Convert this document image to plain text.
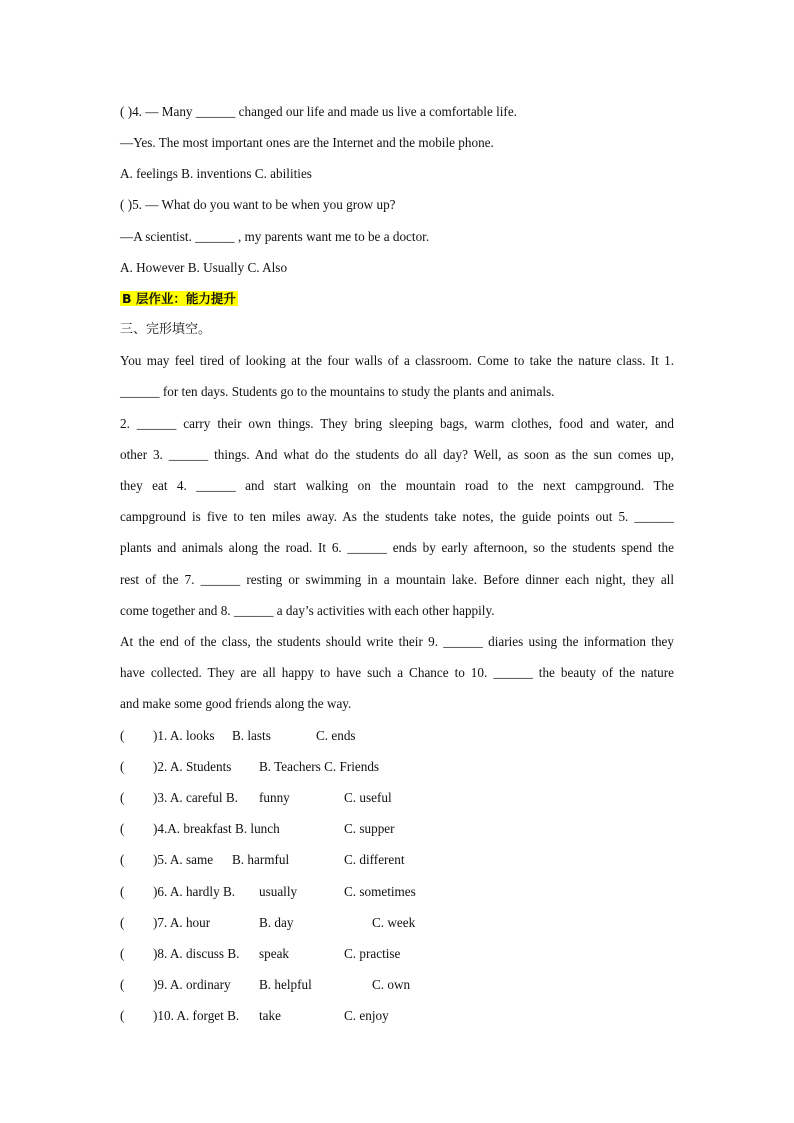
( )4. — Many ______ changed our life and made us live a comfortable life.
—Yes. The most important ones are the Internet and the mobile phone.
A. feelings B. inventions C. abilities
( )5. — What do you want to be when you grow up?
—A scientist. ______ , my parents want me to be a doctor.
A. However B. Usually C. Also
B 层作业：能力提升
三、完形填空。
You may feel tired of looking at the four walls of a classroom. Come to take the nature class. It 1.
______ for ten days. Students go to the mountains to study the plants and animals.
2. ______ carry their own things. They bring sleeping bags, warm clothes, food and water, and
other 3. ______ things. And what do the students do all day? Well, as soon as the sun comes up,
they eat 4. ______ and start walking on the mountain road to the next campground. The
campground is five to ten miles away. As the students take notes, the guide points out 5. ______
plants and animals along the road. It 6. ______ ends by early afternoon, so the students spend the
rest of the 7. ______ resting or swimming in a mountain lake. Before dinner each night, they all
come together and 8. ______ a day’s activities with each other happily.
At the end of the class, the students should write their 9. ______ diaries using the information they
have collected. They are all happy to have such a Chance to 10. ______ the beauty of the nature
and make some good friends along the way.
( )1. A. looks B. lasts	C. ends
( )2. A. Students B. Teachers C. Friends
( )3. A. careful B. funny	C. useful
( )4.A. breakfast B. lunch	C. supper
( )5. A. same B. harmful	C. different
( )6. A. hardly B. usually	C. sometimes
( )7. A. hour	B. day	C. week
( )8. A. discuss B. speak	C. practise
( )9. A. ordinary B. helpful	C. own
( )10. A. forget B. take	C. enjoy
